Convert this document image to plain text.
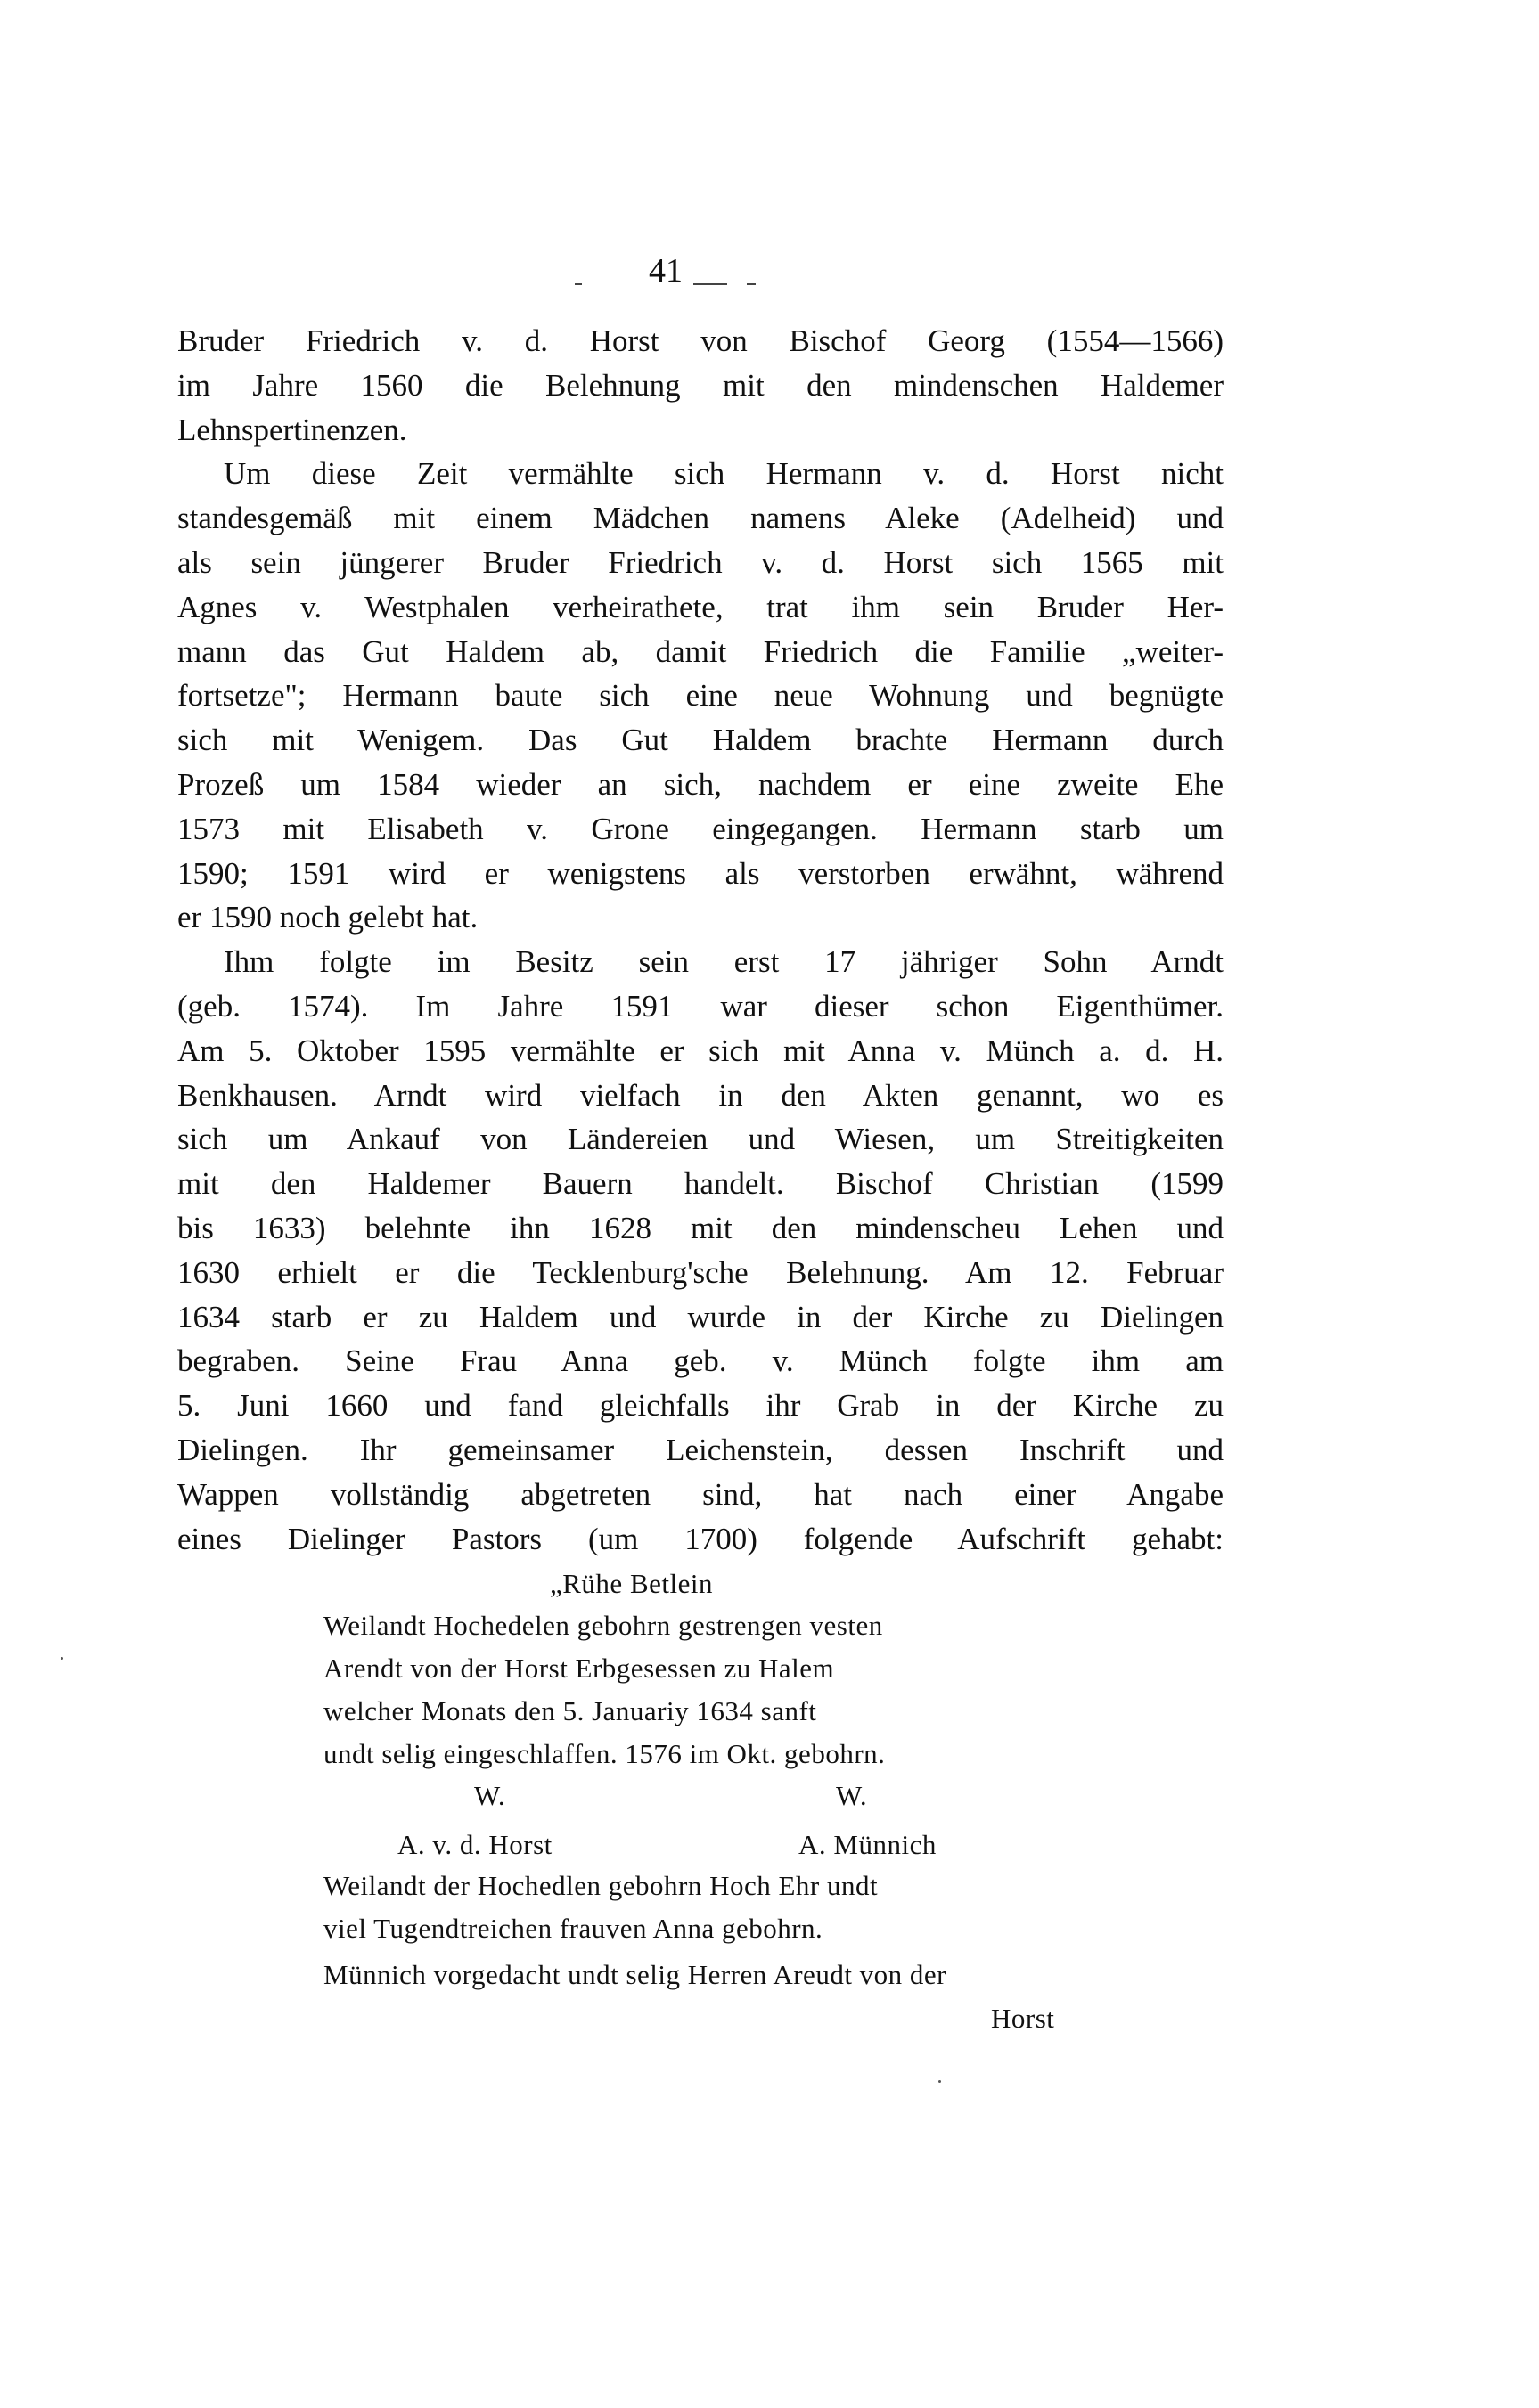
41
Bruder Friedrich v. d. Horst von Bischof Georg (1554—1566)
im Jahre 1560 die Belehnung mit den mindenschen Haldemer
Lehnspertinenzen.
Um diese Zeit vermählte sich Hermann v. d. Horst nicht
standesgemäß mit einem Mädchen namens Aleke (Adelheid) und
als sein jüngerer Bruder Friedrich v. d. Horst sich 1565 mit
Agnes v. Westphalen verheirathete, trat ihm sein Bruder Her-
mann das Gut Haldem ab, damit Friedrich die Familie „weiter-
fortsetze"; Hermann baute sich eine neue Wohnung und begnügte
sich mit Wenigem. Das Gut Haldem brachte Hermann durch
Prozeß um 1584 wieder an sich, nachdem er eine zweite Ehe
1573 mit Elisabeth v. Grone eingegangen. Hermann starb um
1590; 1591 wird er wenigstens als verstorben erwähnt, während
er 1590 noch gelebt hat.
Ihm folgte im Besitz sein erst 17 jähriger Sohn Arndt
(geb. 1574). Im Jahre 1591 war dieser schon Eigenthümer.
Am 5. Oktober 1595 vermählte er sich mit Anna v. Münch a. d. H.
Benkhausen. Arndt wird vielfach in den Akten genannt, wo es
sich um Ankauf von Ländereien und Wiesen, um Streitigkeiten
mit den Haldemer Bauern handelt. Bischof Christian (1599
bis 1633) belehnte ihn 1628 mit den mindenscheu Lehen und
1630 erhielt er die Tecklenburg'sche Belehnung. Am 12. Februar
1634 starb er zu Haldem und wurde in der Kirche zu Dielingen
begraben. Seine Frau Anna geb. v. Münch folgte ihm am
5. Juni 1660 und fand gleichfalls ihr Grab in der Kirche zu
Dielingen. Ihr gemeinsamer Leichenstein, dessen Inschrift und
Wappen vollständig abgetreten sind, hat nach einer Angabe
eines Dielinger Pastors (um 1700) folgende Aufschrift gehabt:
„Rühe Betlein
Weilandt Hochedelen gebohrn gestrengen vesten
Arendt von der Horst Erbgesessen zu Halem
welcher Monats den 5. Januariy 1634 sanft
undt selig eingeschlaffen. 1576 im Okt. gebohrn.
W.	W.
A. v. d. Horst	A. Münnich
Weilandt der Hochedlen gebohrn Hoch Ehr undt
viel Tugendtreichen frauven Anna gebohrn.
Münnich vorgedacht undt selig Herren Areudt von der
Horst
